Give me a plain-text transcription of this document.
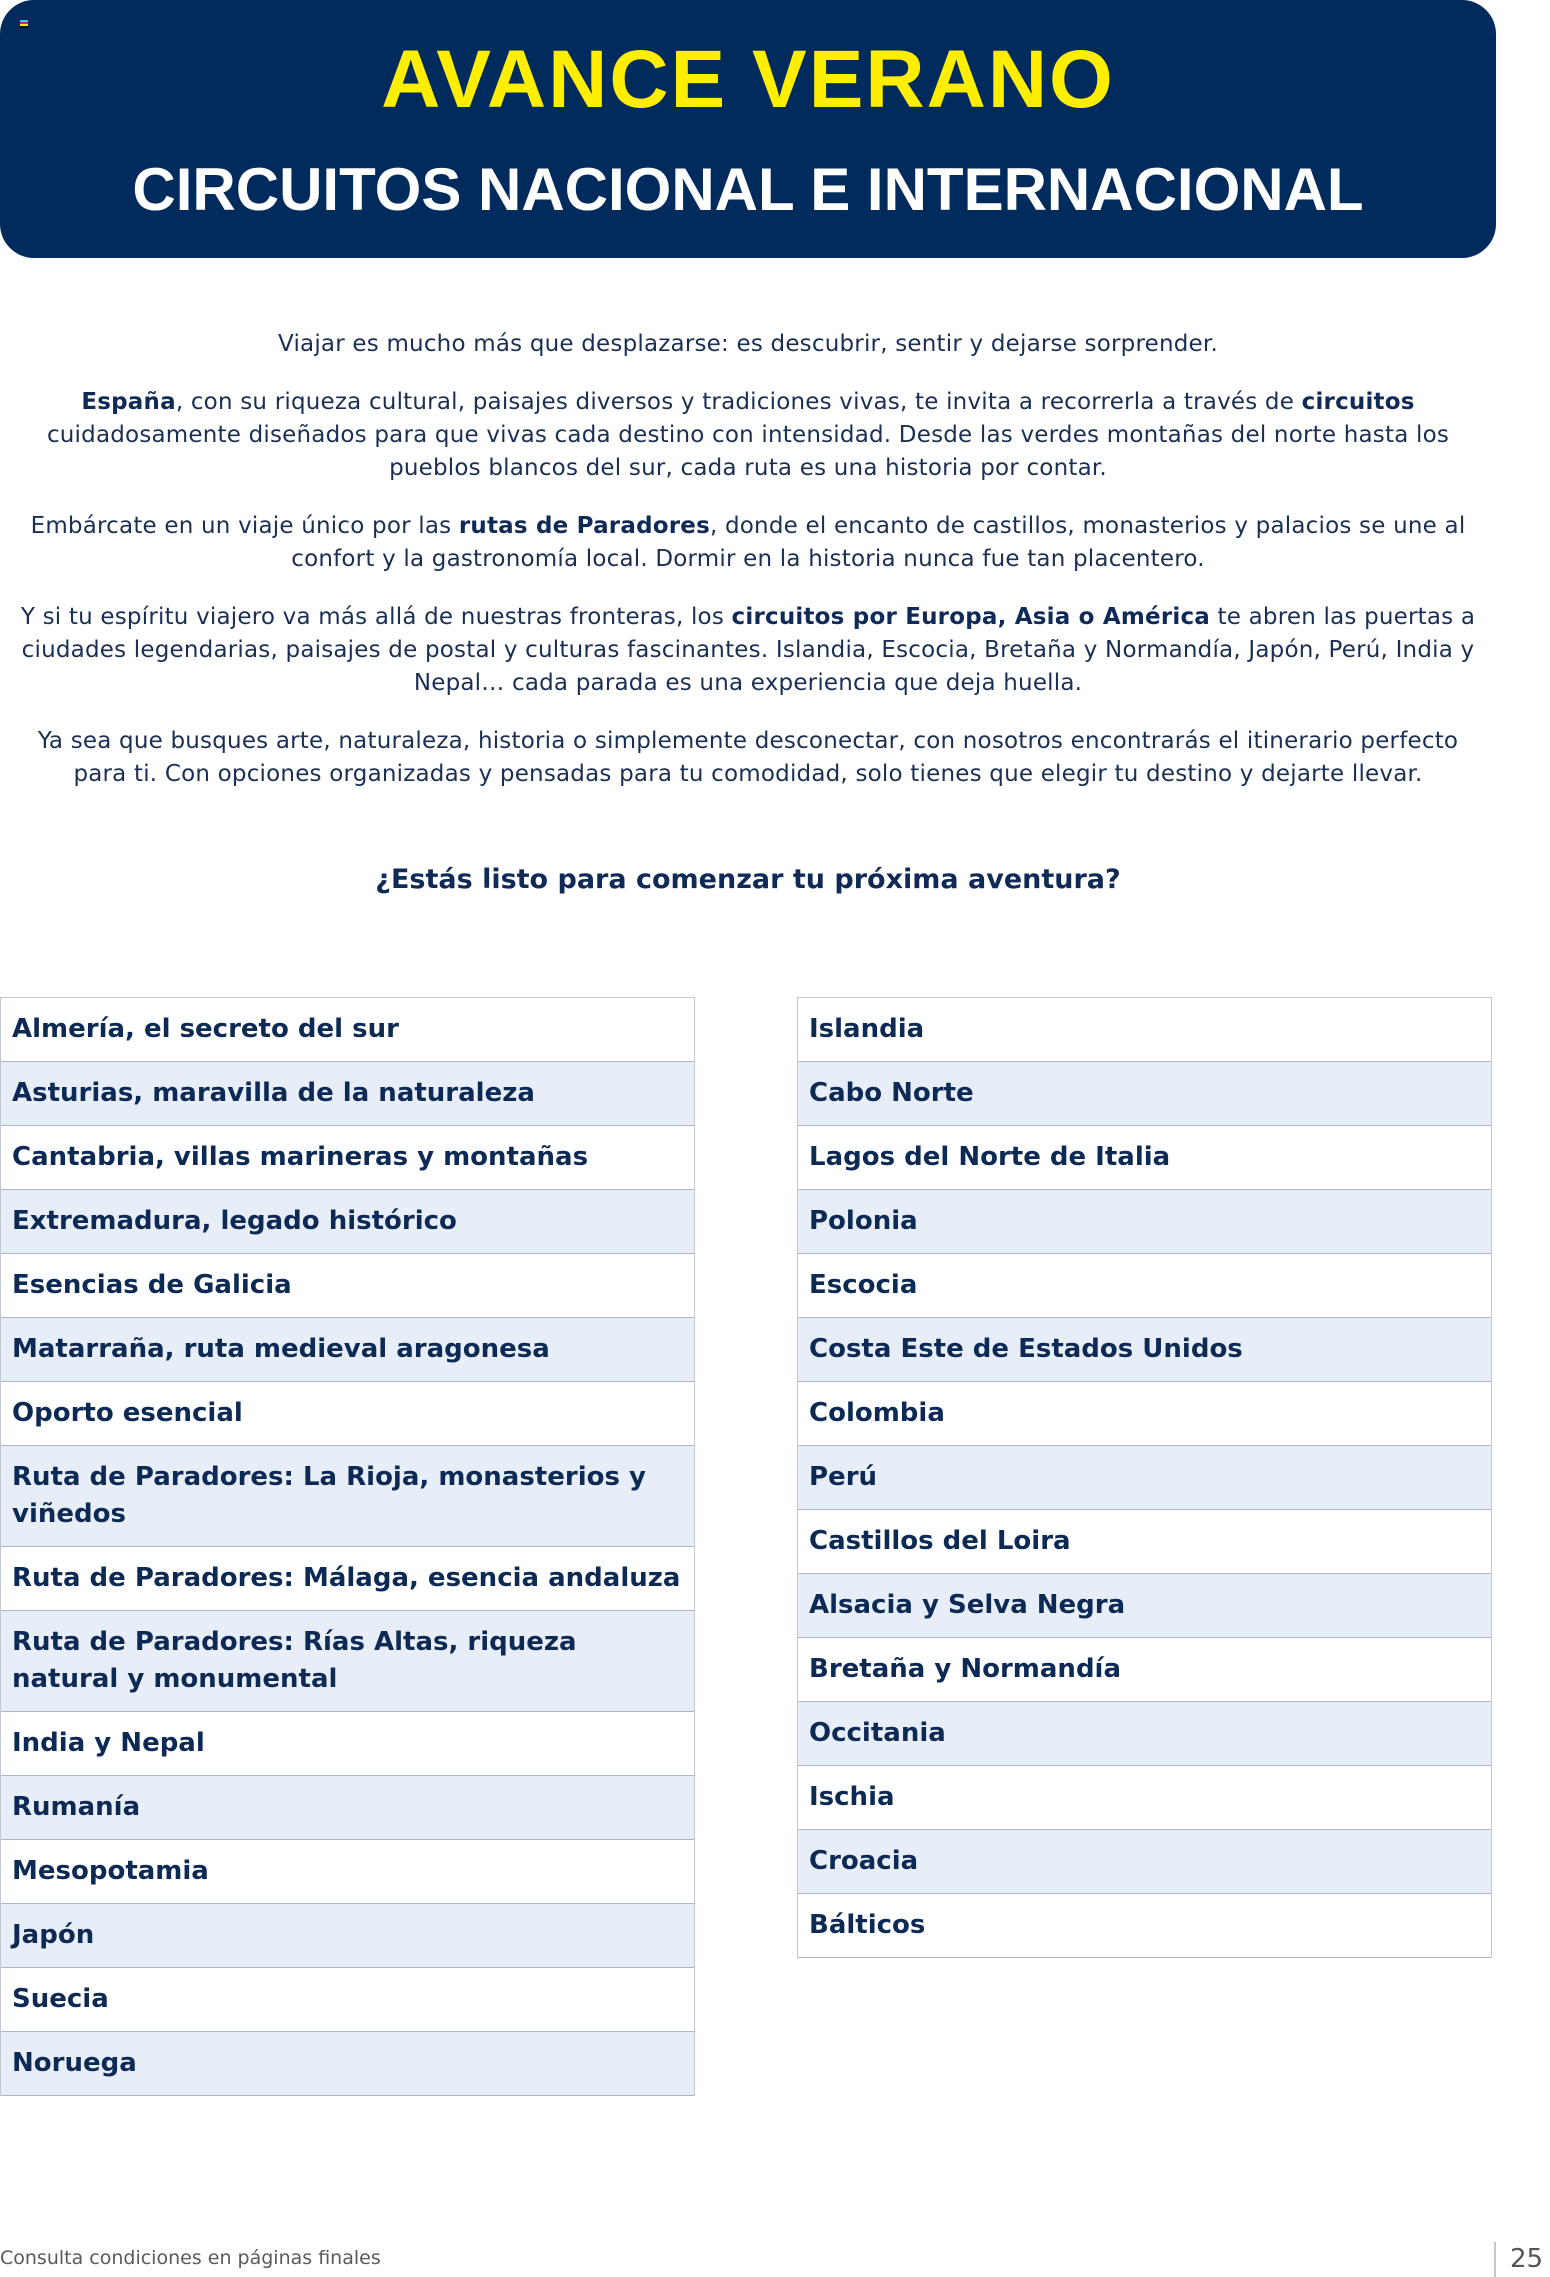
AVANCE VERANO
CIRCUITOS NACIONAL E INTERNACIONAL

Viajar es mucho más que desplazarse: es descubrir, sentir y dejarse sorprender.

España, con su riqueza cultural, paisajes diversos y tradiciones vivas, te invita a recorrerla a través de circuitos cuidadosamente diseñados para que vivas cada destino con intensidad. Desde las verdes montañas del norte hasta los pueblos blancos del sur, cada ruta es una historia por contar.

Embárcate en un viaje único por las rutas de Paradores, donde el encanto de castillos, monasterios y palacios se une al confort y la gastronomía local. Dormir en la historia nunca fue tan placentero.

Y si tu espíritu viajero va más allá de nuestras fronteras, los circuitos por Europa, Asia o América te abren las puertas a ciudades legendarias, paisajes de postal y culturas fascinantes. Islandia, Escocia, Bretaña y Normandía, Japón, Perú, India y Nepal… cada parada es una experiencia que deja huella.

Ya sea que busques arte, naturaleza, historia o simplemente desconectar, con nosotros encontrarás el itinerario perfecto para ti. Con opciones organizadas y pensadas para tu comodidad, solo tienes que elegir tu destino y dejarte llevar.

¿Estás listo para comenzar tu próxima aventura?
Almería, el secreto del sur
Asturias, maravilla de la naturaleza
Cantabria, villas marineras y montañas
Extremadura, legado histórico
Esencias de Galicia
Matarraña, ruta medieval aragonesa
Oporto esencial
Ruta de Paradores: La Rioja, monasterios y viñedos
Ruta de Paradores: Málaga, esencia andaluza
Ruta de Paradores: Rías Altas, riqueza natural y monumental
India y Nepal
Rumanía
Mesopotamia
Japón
Suecia
Noruega
Islandia
Cabo Norte
Lagos del Norte de Italia
Polonia
Escocia
Costa Este de Estados Unidos
Colombia
Perú
Castillos del Loira
Alsacia y Selva Negra
Bretaña y Normandía
Occitania
Ischia
Croacia
Bálticos
Consulta condiciones en páginas finales	25
